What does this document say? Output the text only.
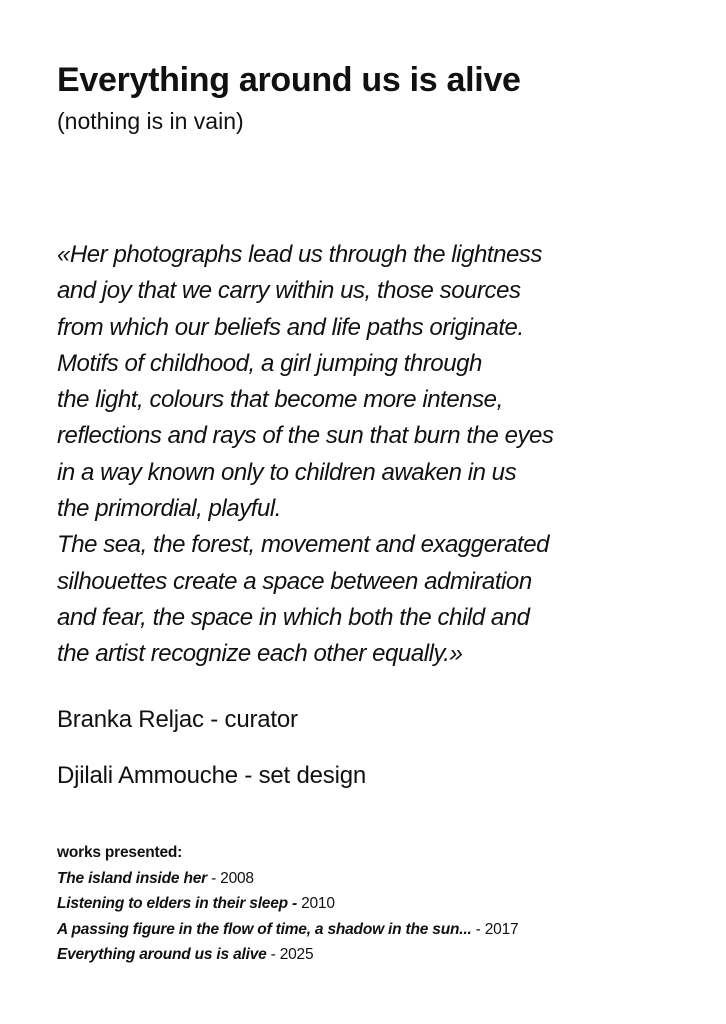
Everything around us is alive

(nothing is in vain)

«Her photographs lead us through the lightness
and joy that we carry within us, those sources
from which our beliefs and life paths originate.
Motifs of childhood, a girl jumping through
the light, colours that become more intense,
reflections and rays of the sun that burn the eyes
in a way known only to children awaken in us
the primordial, playful.
The sea, the forest, movement and exaggerated
silhouettes create a space between admiration
and fear, the space in which both the child and
the artist recognize each other equally.»

Branka Reljac - curator

Djilali Ammouche - set design

works presented:
The island inside her - 2008
Listening to elders in their sleep - 2010
A passing figure in the flow of time, a shadow in the sun... - 2017
Everything around us is alive - 2025
